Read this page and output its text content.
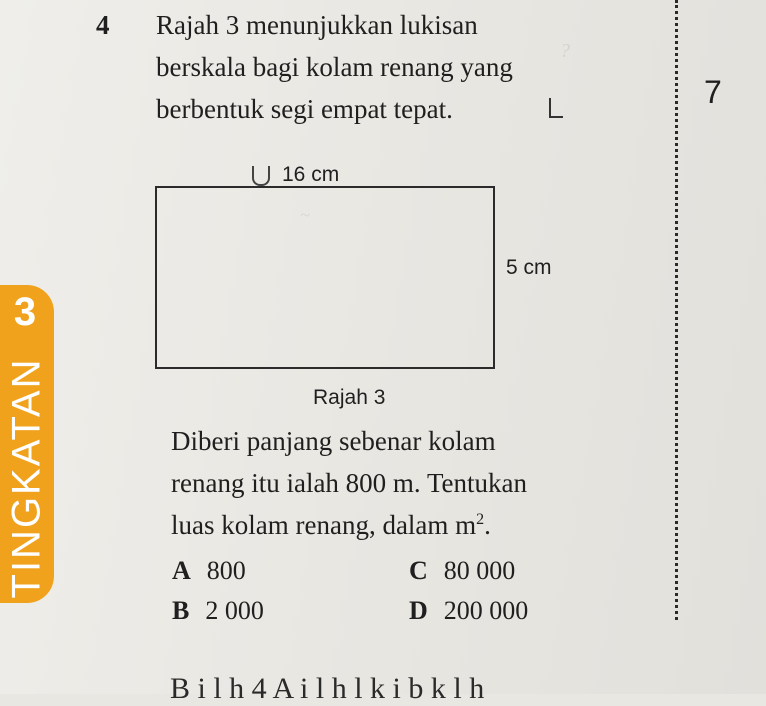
?
~
4 Rajah 3 menunjukkan lukisan
berskala bagi kolam renang yang
berbentuk segi empat tepat.	7
16 cm
5 cm
Rajah 3
3
TINGKATAN	Diberi panjang sebenar kolam
renang itu ialah 800 m. Tentukan
luas kolam renang, dalam $m^2$.
A 800
B 2 000
C 80 000
D 200 000
B i l h 4 A i l h l k i b k l h
